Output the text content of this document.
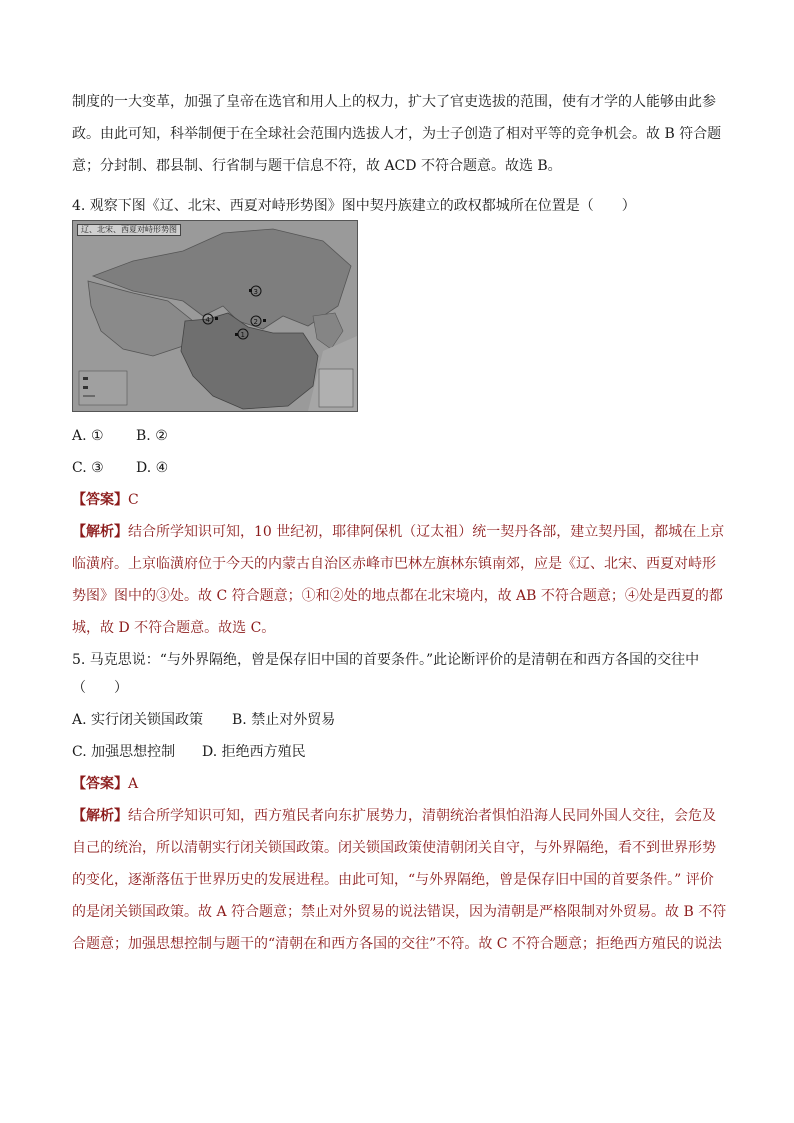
制度的一大变革，加强了皇帝在选官和用人上的权力，扩大了官吏选拔的范围，使有才学的人能够由此参

政。由此可知，科举制便于在全球社会范围内选拔人才，为士子创造了相对平等的竞争机会。故 B 符合题

意；分封制、郡县制、行省制与题干信息不符，故 ACD 不符合题意。故选 B。

4. 观察下图《辽、北宋、西夏对峙形势图》图中契丹族建立的政权都城所在位置是（　　）

3
4	2
1
辽、北宋、西夏对峙形势图

A. ① B. ②

C. ③ D. ④

【答案】C

【解析】结合所学知识可知，10 世纪初，耶律阿保机（辽太祖）统一契丹各部，建立契丹国，都城在上京

临潢府。上京临潢府位于今天的内蒙古自治区赤峰市巴林左旗林东镇南郊，应是《辽、北宋、西夏对峙形

势图》图中的③处。故 C 符合题意；①和②处的地点都在北宋境内，故 AB 不符合题意；④处是西夏的都

城，故 D 不符合题意。故选 C。

5. 马克思说：“与外界隔绝，曾是保存旧中国的首要条件。”此论断评价的是清朝在和西方各国的交往中

（　　）

A. 实行闭关锁国政策 B. 禁止对外贸易

C. 加强思想控制 D. 拒绝西方殖民

【答案】A

【解析】结合所学知识可知，西方殖民者向东扩展势力，清朝统治者惧怕沿海人民同外国人交往，会危及

自己的统治，所以清朝实行闭关锁国政策。闭关锁国政策使清朝闭关自守，与外界隔绝，看不到世界形势

的变化，逐渐落伍于世界历史的发展进程。由此可知，“与外界隔绝，曾是保存旧中国的首要条件。” 评价

的是闭关锁国政策。故 A 符合题意；禁止对外贸易的说法错误，因为清朝是严格限制对外贸易。故 B 不符

合题意；加强思想控制与题干的“清朝在和西方各国的交往”不符。故 C 不符合题意；拒绝西方殖民的说法
